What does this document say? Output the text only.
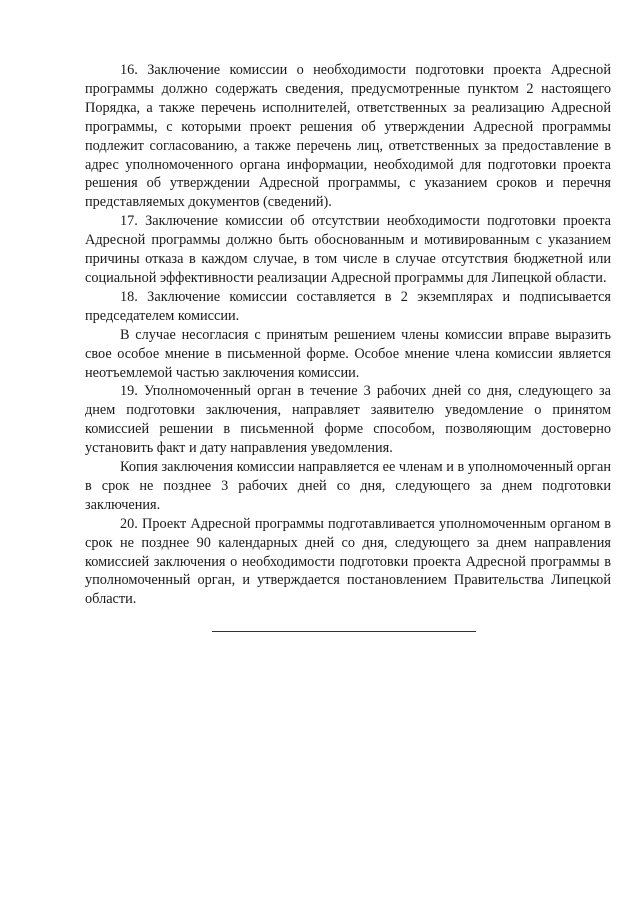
16. Заключение комиссии о необходимости подготовки проекта Адресной программы должно содержать сведения, предусмотренные пунктом 2 настоящего Порядка, а также перечень исполнителей, ответственных за реализацию Адресной программы, с которыми проект решения об утверждении Адресной программы подлежит согласованию, а также перечень лиц, ответственных за предоставление в адрес уполномоченного органа информации, необходимой для подготовки проекта решения об утверждении Адресной программы, с указанием сроков и перечня представляемых документов (сведений).

17. Заключение комиссии об отсутствии необходимости подготовки проекта Адресной программы должно быть обоснованным и мотивированным с указанием причины отказа в каждом случае, в том числе в случае отсутствия бюджетной или социальной эффективности реализации Адресной программы для Липецкой области.

18. Заключение комиссии составляется в 2 экземплярах и подписывается председателем комиссии.

В случае несогласия с принятым решением члены комиссии вправе выразить свое особое мнение в письменной форме. Особое мнение члена комиссии является неотъемлемой частью заключения комиссии.

19. Уполномоченный орган в течение 3 рабочих дней со дня, следующего за днем подготовки заключения, направляет заявителю уведомление о принятом комиссией решении в письменной форме способом, позволяющим достоверно установить факт и дату направления уведомления.

Копия заключения комиссии направляется ее членам и в уполномоченный орган в срок не позднее 3 рабочих дней со дня, следующего за днем подготовки заключения.

20. Проект Адресной программы подготавливается уполномоченным органом в срок не позднее 90 календарных дней со дня, следующего за днем направления комиссией заключения о необходимости подготовки проекта Адресной программы в уполномоченный орган, и утверждается постановлением Правительства Липецкой области.
